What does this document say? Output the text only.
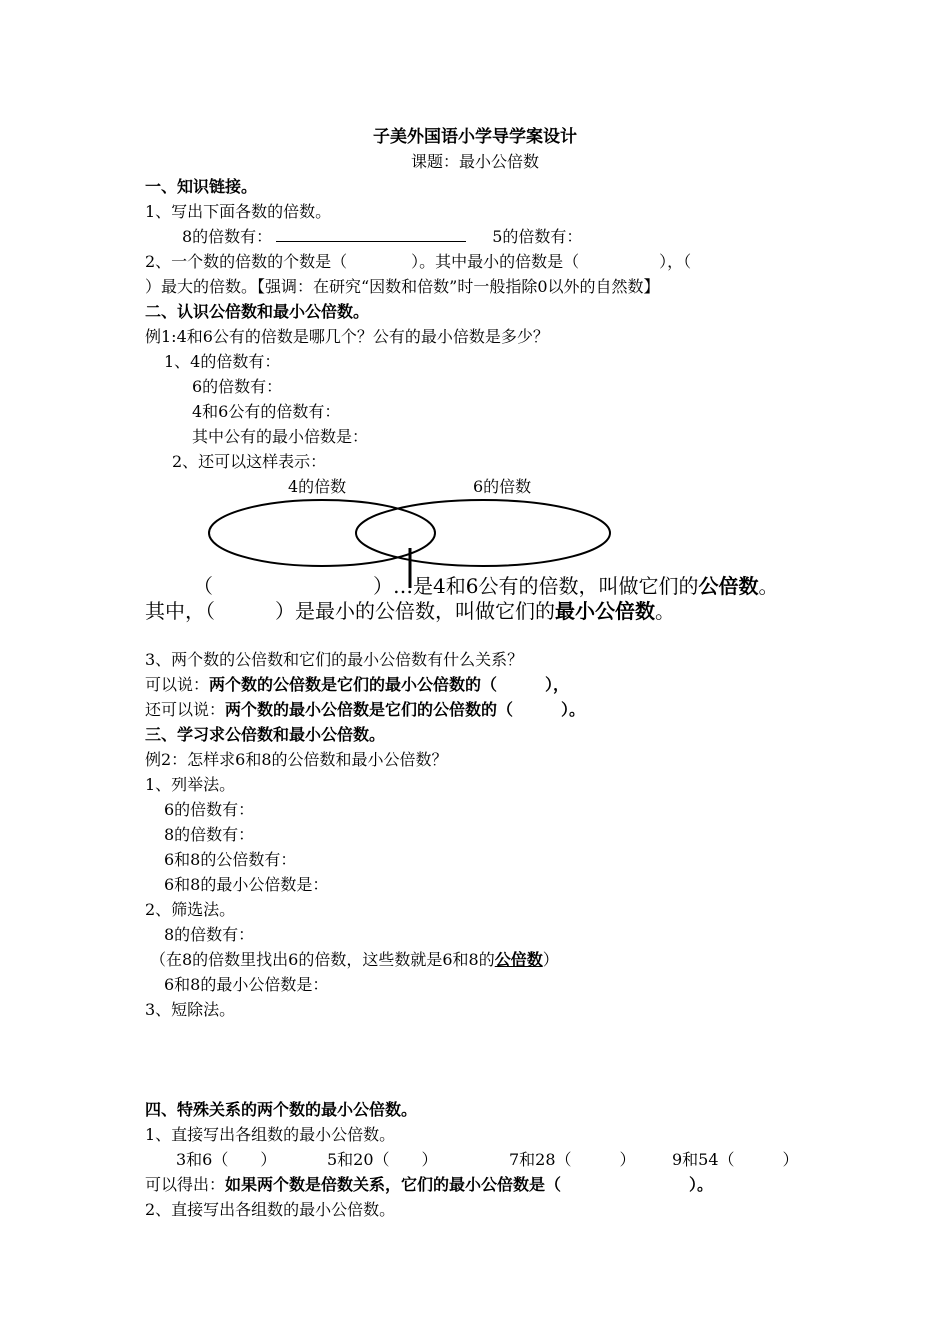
子美外国语小学导学案设计
课题：最小公倍数
一、知识链接。
1、写出下面各数的倍数。
8的倍数有：	5的倍数有：
2、一个数的倍数的个数是（　　　　）。其中最小的倍数是（　　　　　），（
）最大的倍数。【强调：在研究“因数和倍数”时一般指除0以外的自然数】
二、认识公倍数和最小公倍数。
例1:4和6公有的倍数是哪几个？公有的最小倍数是多少？
1、4的倍数有：
6的倍数有：
4和6公有的倍数有：
其中公有的最小倍数是：
2、还可以这样表示：
4的倍数	6的倍数
（　　　　　　　　）…是4和6公有的倍数，叫做它们的公倍数。
其中，（　　　）是最小的公倍数，叫做它们的最小公倍数。
3、两个数的公倍数和它们的最小公倍数有什么关系？
可以说：两个数的公倍数是它们的最小公倍数的（　　　），
还可以说：两个数的最小公倍数是它们的公倍数的（　　　）。
三、学习求公倍数和最小公倍数。
例2：怎样求6和8的公倍数和最小公倍数？
1、列举法。
6的倍数有：
8的倍数有：
6和8的公倍数有：
6和8的最小公倍数是：
2、筛选法。
8的倍数有：
（在8的倍数里找出6的倍数，这些数就是6和8的公倍数）
6和8的最小公倍数是：
3、短除法。
四、特殊关系的两个数的最小公倍数。
1、直接写出各组数的最小公倍数。
3和6（　　）	5和20（　　）	7和28（　　　） 9和54（　　　）
可以得出：如果两个数是倍数关系，它们的最小公倍数是（　　　　　　　　）。
2、直接写出各组数的最小公倍数。
